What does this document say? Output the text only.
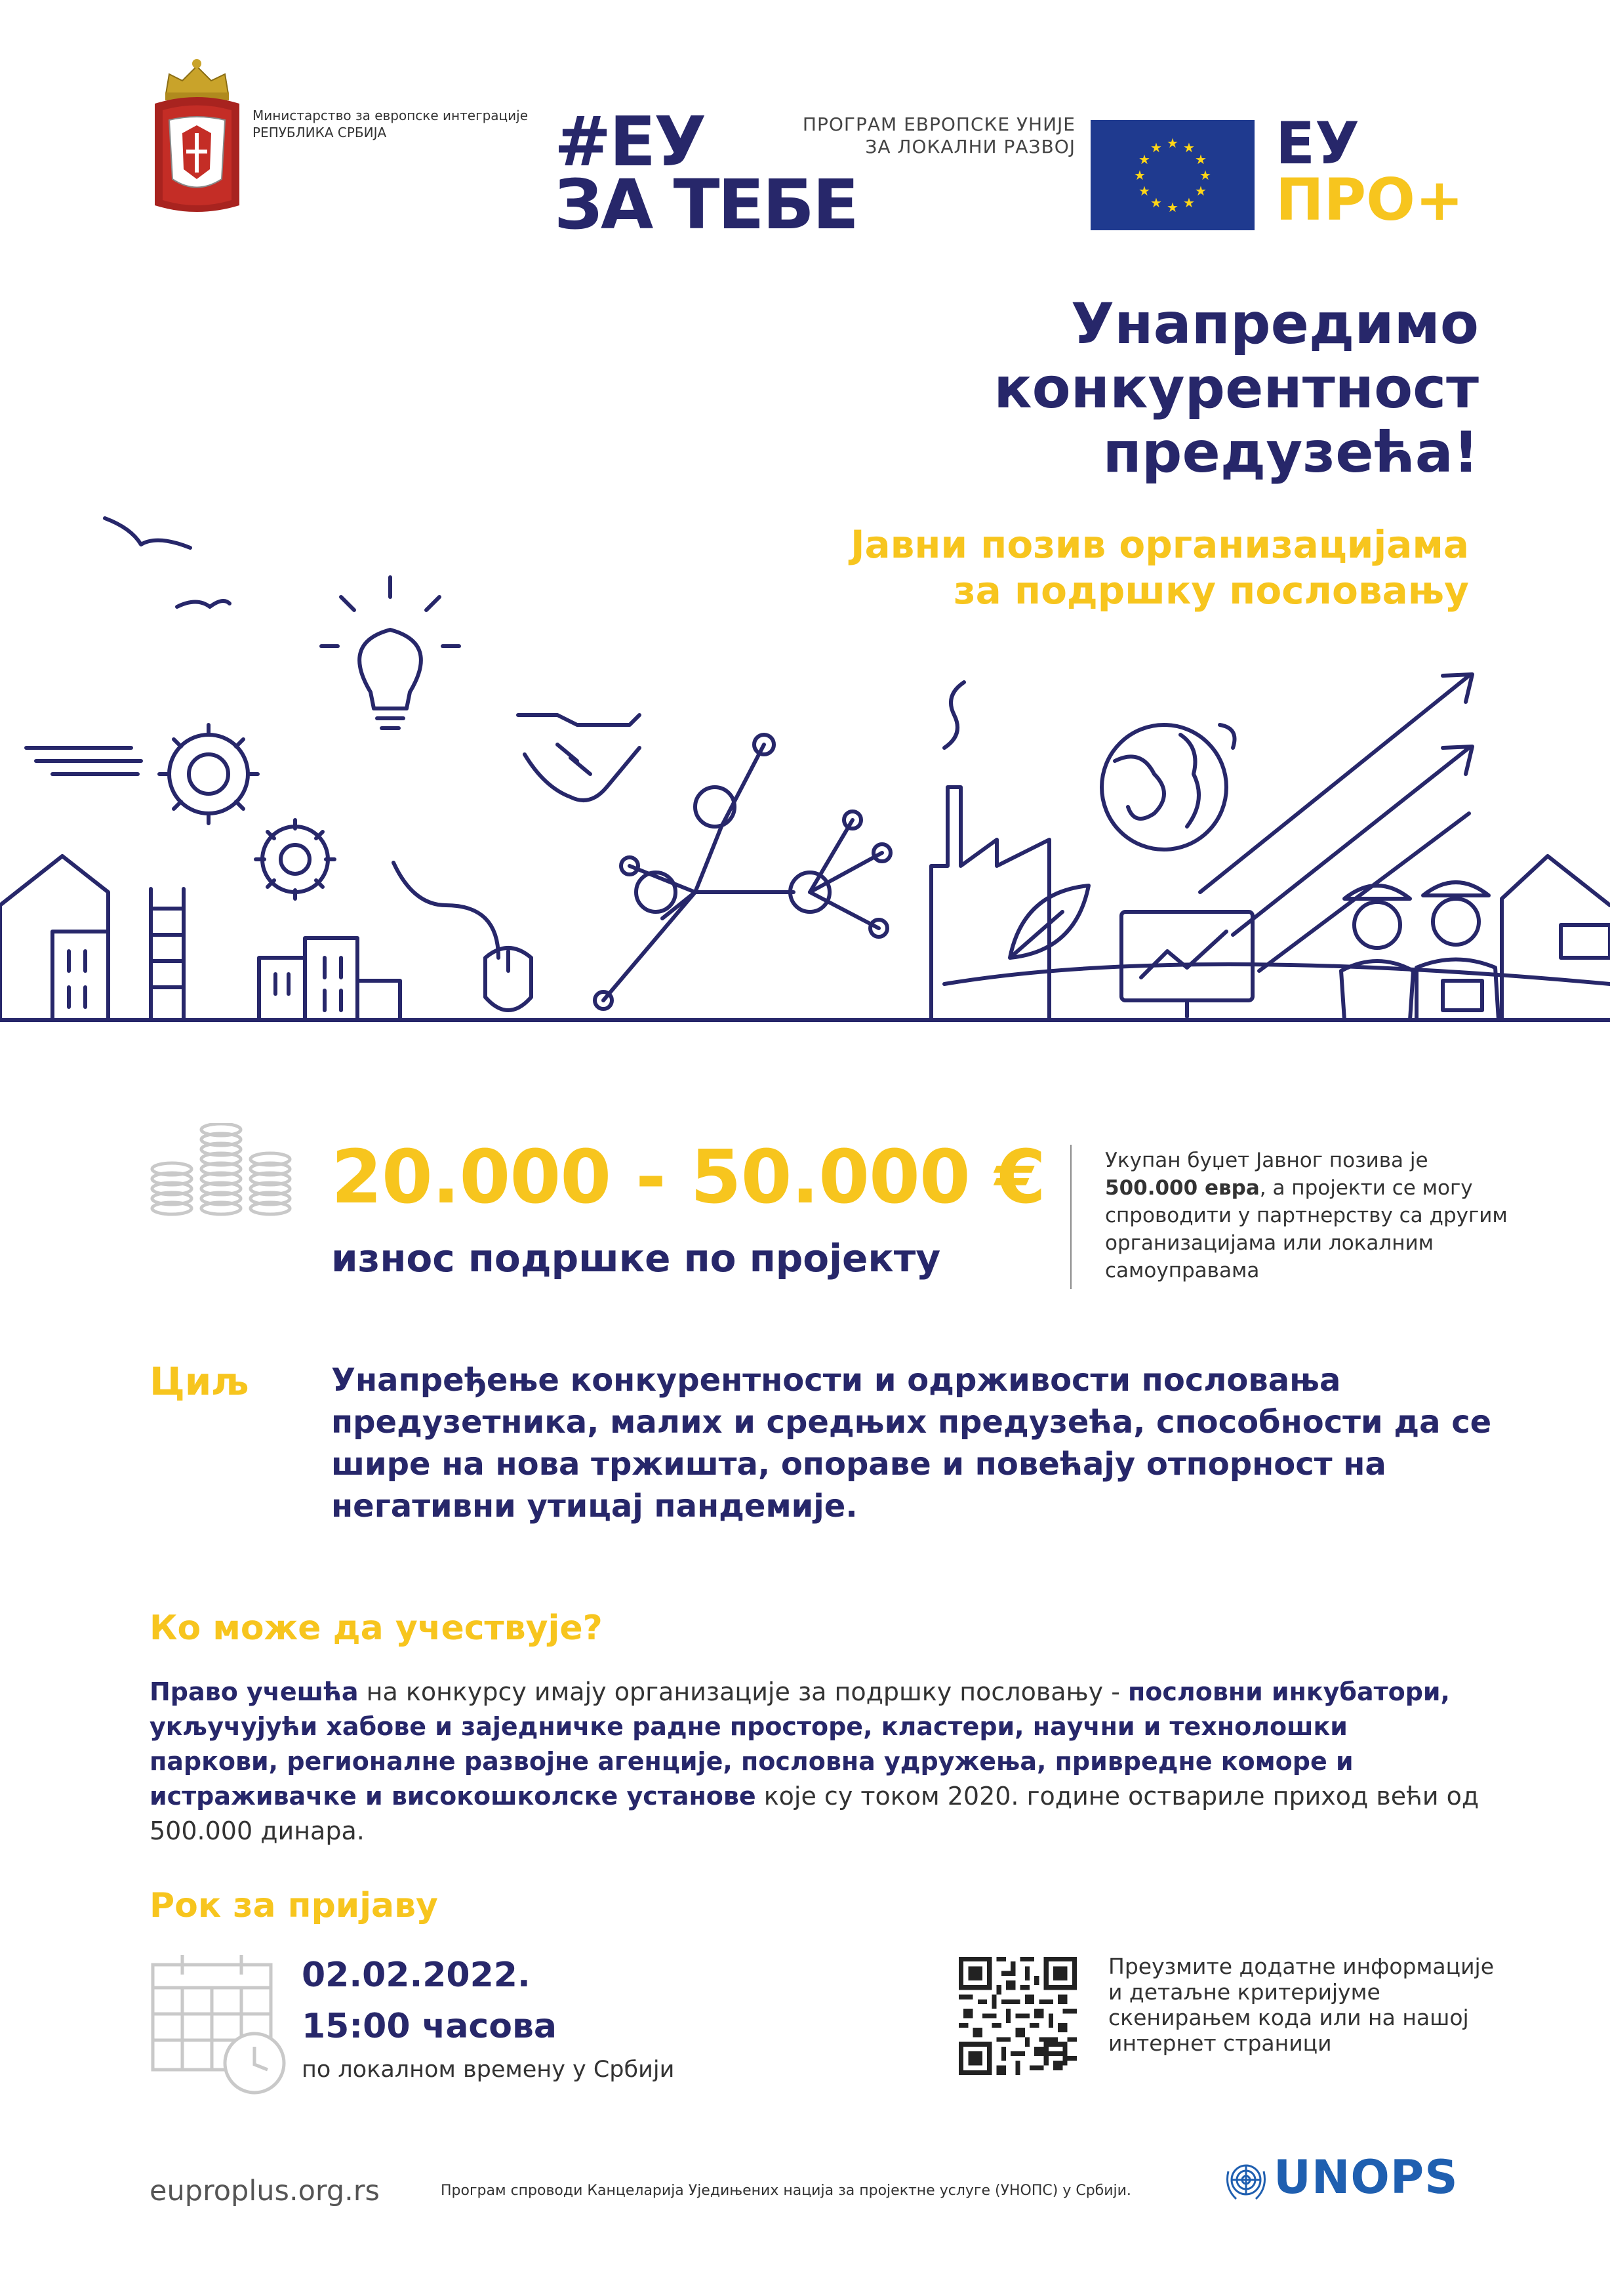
Министарство за европске интеграције
РЕПУБЛИКА СРБИЈА	#ЕУ
ЗА ТЕБЕ
ПРОГРАМ ЕВРОПСКЕ УНИЈЕ
ЗА ЛОКАЛНИ РАЗВОЈ	★ ★
★
★
★
★
★
★
★
★
★
★ ЕУ
ПРО+
Унапредимо
конкурентност
предузећа!
Јавни позив организацијама
за подршку пословању
20.000 - 50.000 €
износ подршке по пројекту
Укупан буџет Јавног позива је 500.000 евра, а пројекти се могу спроводити у партнерству са другим организацијама или локалним самоуправама
Циљ	Унапређење конкурентности и одрживости пословања предузетника, малих и средњих предузећа, способности да се шире на нова тржишта, опораве и повећају отпорност на негативни утицај пандемије.
Ко може да учествује?
Право учешћа на конкурсу имају организације за подршку пословању - пословни инкубатори, укључујући хабове и заједничке радне просторе, кластери, научни и технолошки паркови, регионалне развојне агенције, пословна удружења, привредне коморе и истраживачке и високошколске установе које су током 2020. године оствариле приход већи од 500.000 динара.
Рок за пријаву
02.02.2022.
15:00 часова
по локалном времену у Србији
Преузмите додатне информације и детаљне критеријуме скенирањем кода или на нашој интернет страници
euproplus.org.rs	Програм спроводи Канцеларија Уједињених нација за пројектне услуге (УНОПС) у Србији.	UNOPS
